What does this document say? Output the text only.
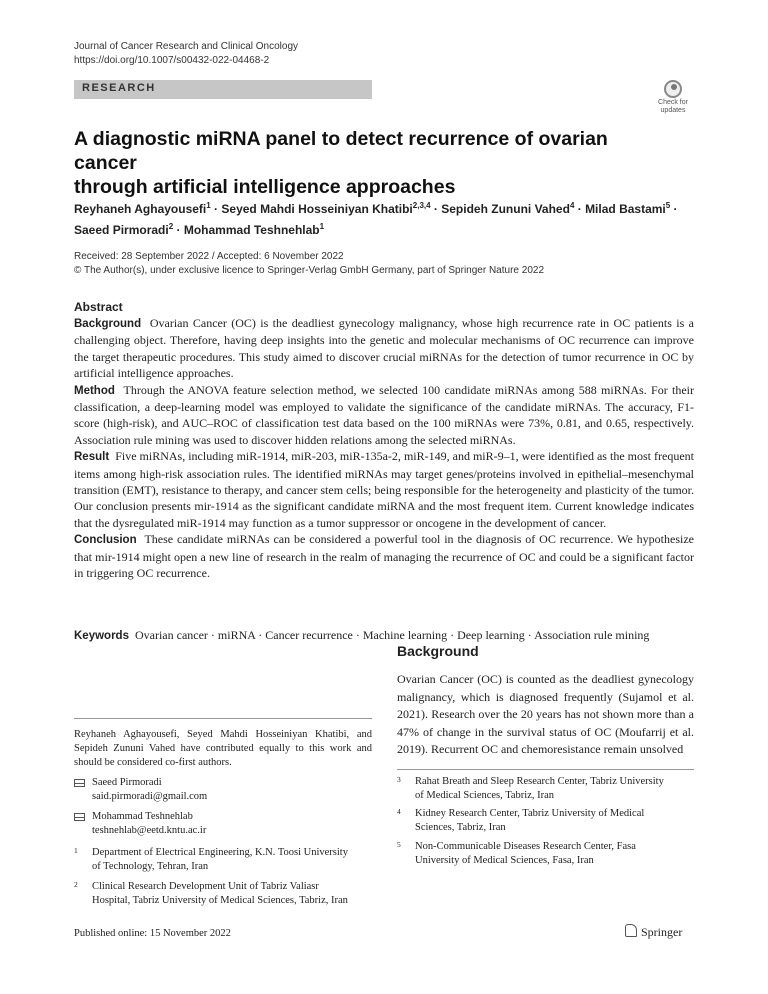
Journal of Cancer Research and Clinical Oncology
https://doi.org/10.1007/s00432-022-04468-2
RESEARCH
Check for
updates
A diagnostic miRNA panel to detect recurrence of ovarian cancer
through artificial intelligence approaches
Reyhaneh Aghayousefi$^1$ · Seyed Mahdi Hosseiniyan Khatibi$^{2,3,4}$ · Sepideh Zununi Vahed$^4$ · Milad Bastami$^5$ ·
Saeed Pirmoradi$^2$ · Mohammad Teshnehlab$^1$
Received: 28 September 2022 / Accepted: 6 November 2022
© The Author(s), under exclusive licence to Springer-Verlag GmbH Germany, part of Springer Nature 2022
Abstract

Background Ovarian Cancer (OC) is the deadliest gynecology malignancy, whose high recurrence rate in OC patients is a challenging object. Therefore, having deep insights into the genetic and molecular mechanisms of OC recurrence can improve the target therapeutic procedures. This study aimed to discover crucial miRNAs for the detection of tumor recurrence in OC by artificial intelligence approaches.

Method Through the ANOVA feature selection method, we selected 100 candidate miRNAs among 588 miRNAs. For their classification, a deep-learning model was employed to validate the significance of the candidate miRNAs. The accuracy, F1-score (high-risk), and AUC–ROC of classification test data based on the 100 miRNAs were 73%, 0.81, and 0.65, respectively. Association rule mining was used to discover hidden relations among the selected miRNAs.

Result Five miRNAs, including miR-1914, miR-203, miR-135a-2, miR-149, and miR-9–1, were identified as the most frequent items among high-risk association rules. The identified miRNAs may target genes/proteins involved in epithelial–mesenchymal transition (EMT), resistance to therapy, and cancer stem cells; being responsible for the heterogeneity and plasticity of the tumor. Our conclusion presents mir-1914 as the significant candidate miRNA and the most frequent item. Current knowledge indicates that the dysregulated miR-1914 may function as a tumor suppressor or oncogene in the development of cancer.

Conclusion These candidate miRNAs can be considered a powerful tool in the diagnosis of OC recurrence. We hypothesize that mir-1914 might open a new line of research in the realm of managing the recurrence of OC and could be a significant factor in triggering OC recurrence.

Keywords Ovarian cancer · miRNA · Cancer recurrence · Machine learning · Deep learning · Association rule mining
Background
Ovarian Cancer (OC) is counted as the deadliest gynecology malignancy, which is diagnosed frequently (Sujamol et al. 2021). Research over the 20 years has not shown more than a 47% of change in the survival status of OC (Moufarrij et al. 2019). Recurrent OC and chemoresistance remain unsolved
Reyhaneh Aghayousefi, Seyed Mahdi Hosseiniyan Khatibi, and Sepideh Zununi Vahed have contributed equally to this work and should be considered co-first authors.
Saeed Pirmoradi
said.pirmoradi@gmail.com
Mohammad Teshnehlab
teshnehlab@eetd.kntu.ac.ir
1 Department of Electrical Engineering, K.N. Toosi University
of Technology, Tehran, Iran
2 Clinical Research Development Unit of Tabriz Valiasr
Hospital, Tabriz University of Medical Sciences, Tabriz, Iran
3 Rahat Breath and Sleep Research Center, Tabriz University
of Medical Sciences, Tabriz, Iran
4 Kidney Research Center, Tabriz University of Medical
Sciences, Tabriz, Iran
5 Non-Communicable Diseases Research Center, Fasa
University of Medical Sciences, Fasa, Iran
Published online: 15 November 2022	Springer
